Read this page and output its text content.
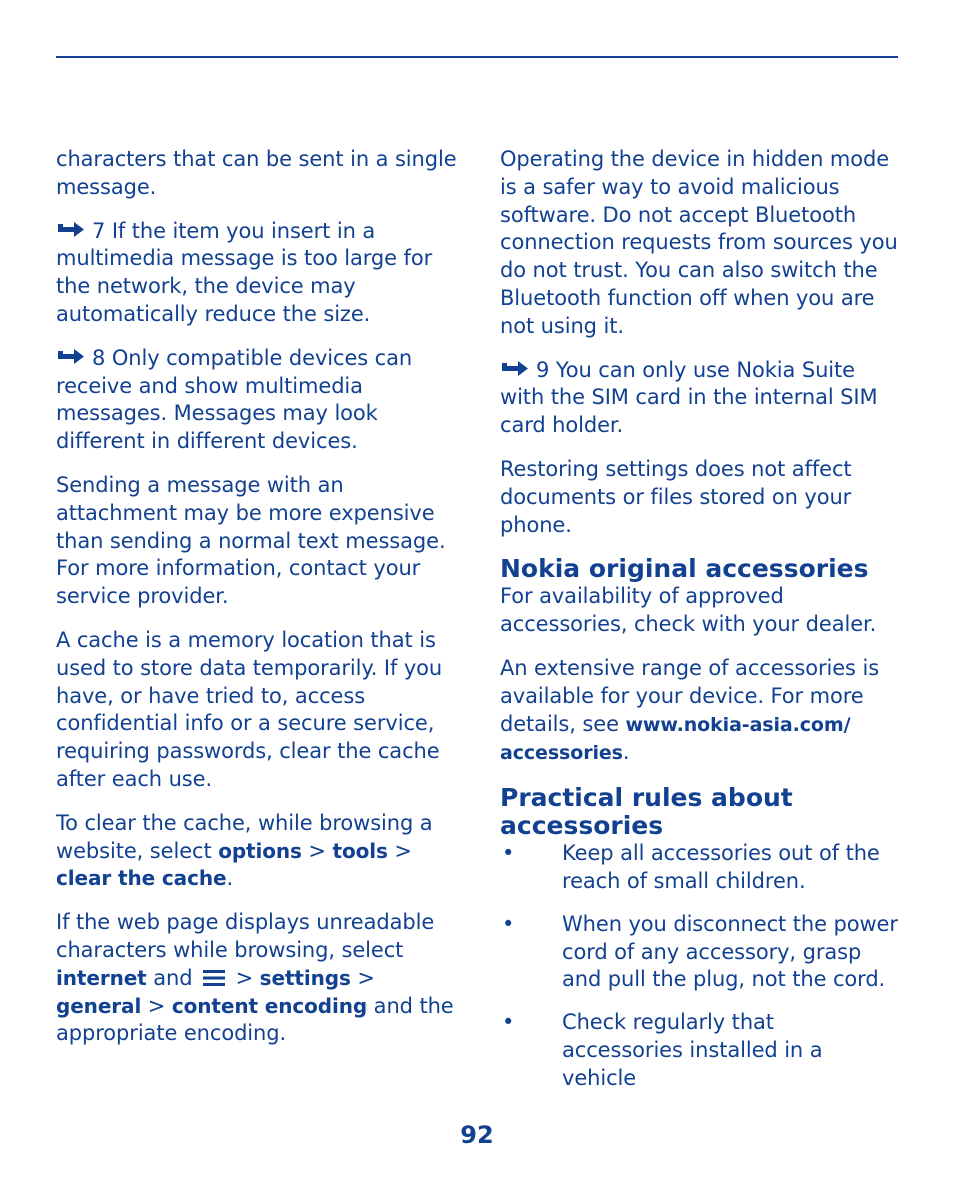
characters that can be sent in a single message.

7 If the item you insert in a multimedia message is too large for the network, the device may automatically reduce the size.

8 Only compatible devices can receive and show multimedia messages. Messages may look different in different devices.

Sending a message with an attachment may be more expensive than sending a normal text message. For more information, contact your service provider.

A cache is a memory location that is used to store data temporarily. If you have, or have tried to, access confidential info or a secure service, requiring passwords, clear the cache after each use.

To clear the cache, while browsing a website, select options > tools > clear the cache.

If the web page displays unreadable characters while browsing, select internet and  > settings > general > content encoding and the appropriate encoding.

Operating the device in hidden mode is a safer way to avoid malicious software. Do not accept Bluetooth connection requests from sources you do not trust. You can also switch the Bluetooth function off when you are not using it.

9 You can only use Nokia Suite with the SIM card in the internal SIM card holder.

Restoring settings does not affect documents or files stored on your phone.

Nokia original accessories

For availability of approved accessories, check with your dealer.

An extensive range of accessories is available for your device. For more details, see www.nokia-asia.com/ accessories.

Practical rules about accessories
• Keep all accessories out of the reach of small children.
• When you disconnect the power cord of any accessory, grasp and pull the plug, not the cord.
• Check regularly that accessories installed in a vehicle
92
